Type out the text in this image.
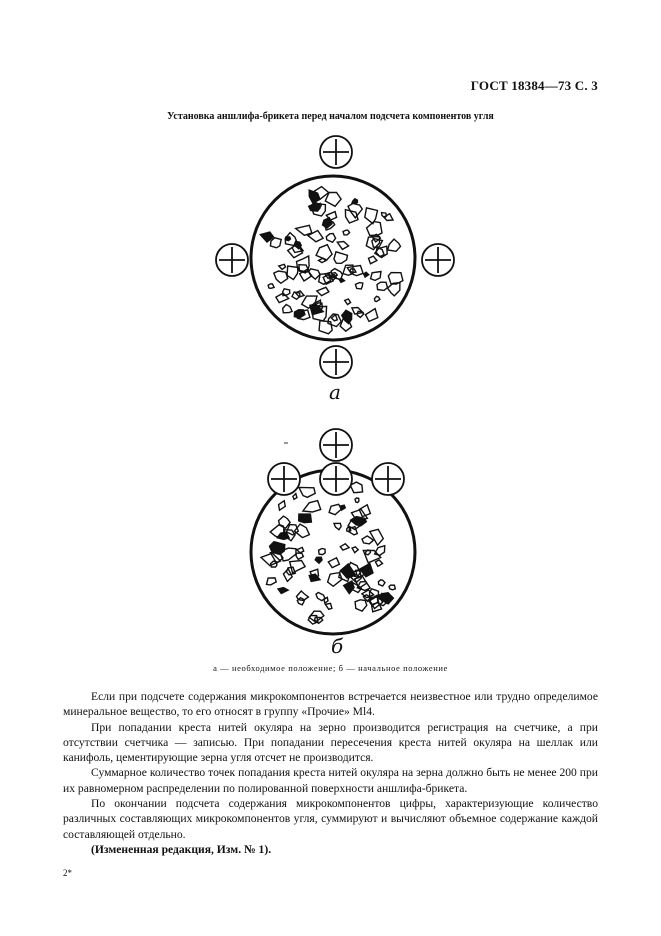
ГОСТ 18384—73 С. 3
Установка аншлифа-брикета перед началом подсчета компонентов угля
а
б
а — необходимое положение; б — начальное положение

Если при подсчете содержания микрокомпонентов встречается неизвестное или трудно определимое минеральное вещество, то его относят в группу «Прочие» Ml4.

При попадании креста нитей окуляра на зерно производится регистрация на счетчике, а при отсутствии счетчика — записью. При попадании пересечения креста нитей окуляра на шеллак или канифоль, цементирующие зерна угля отсчет не производится.

Суммарное количество точек попадания креста нитей окуляра на зерна должно быть не менее 200 при их равномерном распределении по полированной поверхности аншлифа-брикета.

По окончании подсчета содержания микрокомпонентов цифры, характеризующие количество различных составляющих микрокомпонентов угля, суммируют и вычисляют объемное содержание каждой составляющей отдельно.

(Измененная редакция, Изм. № 1).

2*
